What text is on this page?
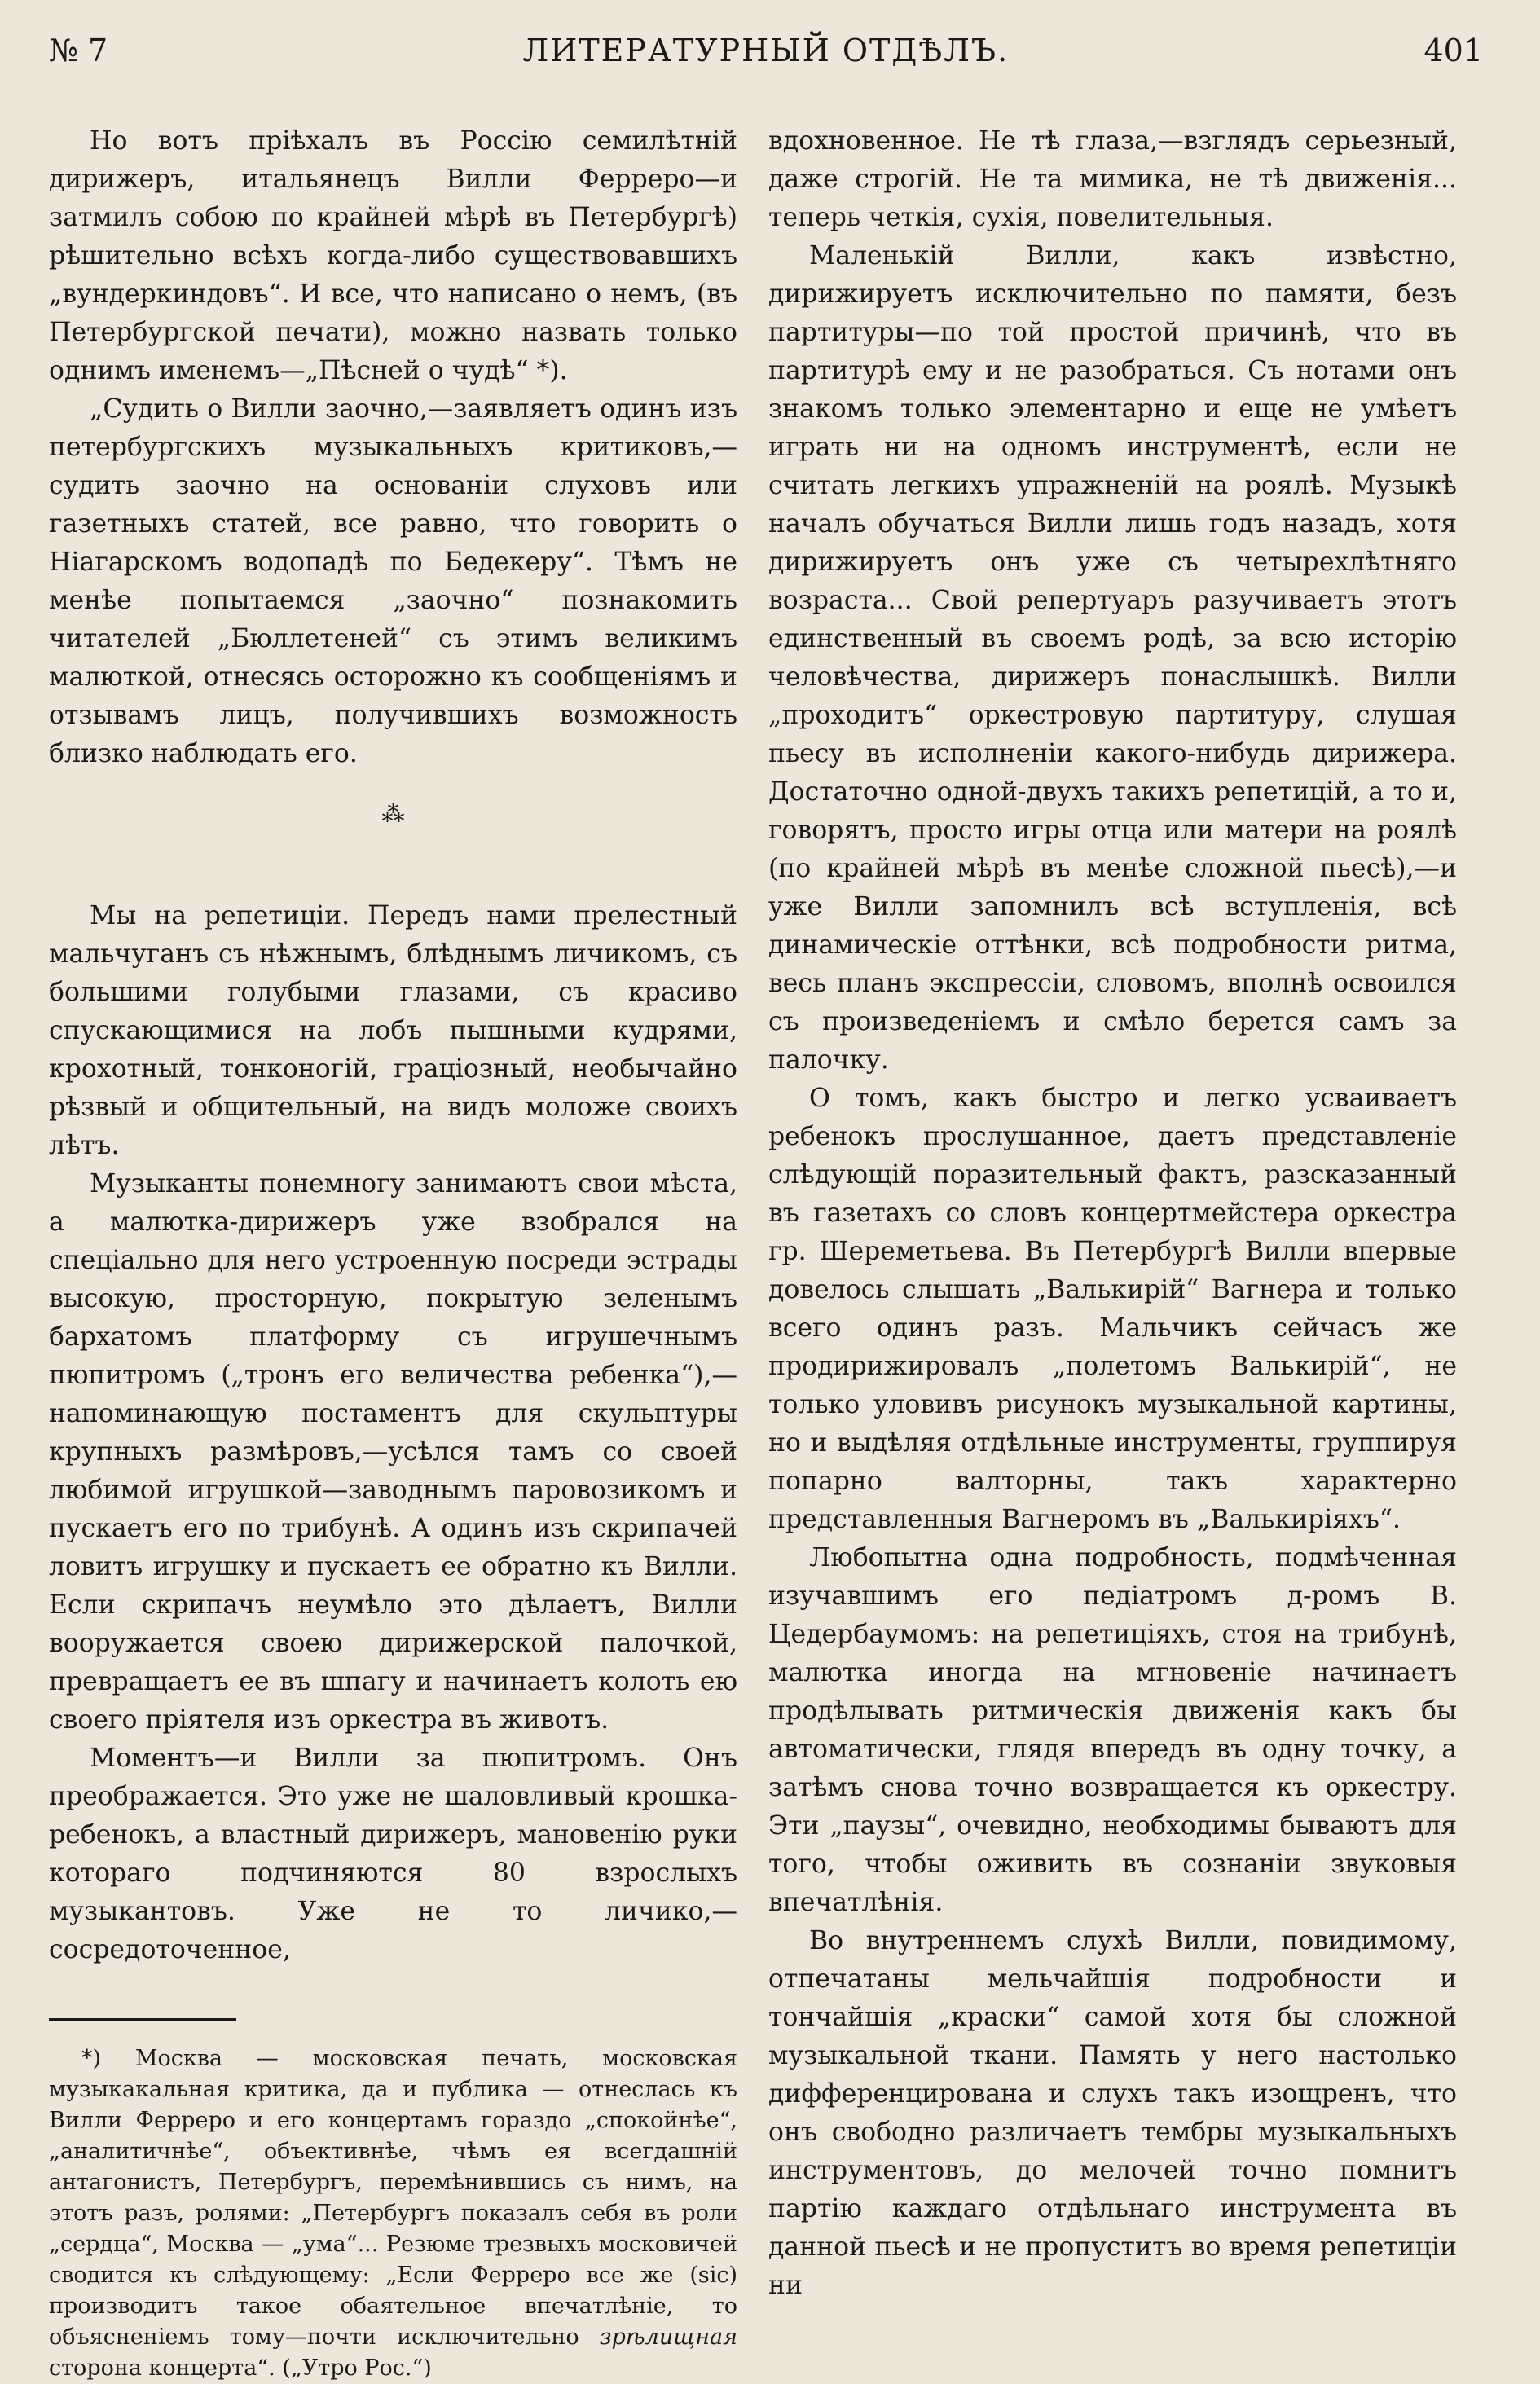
№ 7	ЛИТЕРАТУРНЫЙ ОТДѢЛЪ.	401

Но вотъ пріѣхалъ въ Россію семилѣтній дирижеръ, итальянецъ Вилли Ферреро—и затмилъ собою по крайней мѣрѣ въ Петербургѣ) рѣшительно всѣхъ когда-либо существовавшихъ „вундеркиндовъ“. И все, что написано о немъ, (въ Петербургской печати), можно назвать только однимъ именемъ—„Пѣсней о чудѣ“ *).

„Судить о Вилли заочно,—заявляетъ одинъ изъ петербургскихъ музыкальныхъ критиковъ,—судить заочно на основаніи слуховъ или газетныхъ статей, все равно, что говорить о Ніагарскомъ водопадѣ по Бедекеру“. Тѣмъ не менѣе попытаемся „заочно“ познакомить читателей „Бюллетеней“ съ этимъ великимъ малюткой, отнесясь осторожно къ сообщеніямъ и отзывамъ лицъ, получившихъ возможность близко наблюдать его.

⁂

Мы на репетиціи. Передъ нами прелестный мальчуганъ съ нѣжнымъ, блѣднымъ личикомъ, съ большими голубыми глазами, съ красиво спускающимися на лобъ пышными кудрями, крохотный, тонконогій, граціозный, необычайно рѣзвый и общительный, на видъ моложе своихъ лѣтъ.

Музыканты понемногу занимаютъ свои мѣста, а малютка-дирижеръ уже взобрался на спеціально для него устроенную посреди эстрады высокую, просторную, покрытую зеленымъ бархатомъ платформу съ игрушечнымъ пюпитромъ („тронъ его величества ребенка“),—напоминающую постаментъ для скульптуры крупныхъ размѣровъ,—усѣлся тамъ со своей любимой игрушкой—заводнымъ паровозикомъ и пускаетъ его по трибунѣ. А одинъ изъ скрипачей ловитъ игрушку и пускаетъ ее обратно къ Вилли. Если скрипачъ неумѣло это дѣлаетъ, Вилли вооружается своею дирижерской палочкой, превращаетъ ее въ шпагу и начинаетъ колоть ею своего пріятеля изъ оркестра въ животъ.

Моментъ—и Вилли за пюпитромъ. Онъ преображается. Это уже не шаловливый крошка-ребенокъ, а властный дирижеръ, мановенію руки котораго подчиняются 80 взрослыхъ музыкантовъ. Уже не то личико,—сосредоточенное,

*) Москва — московская печать, московская музыкакальная критика, да и публика — отнеслась къ Вилли Ферреро и его концертамъ гораздо „спокойнѣе“, „аналитичнѣе“, объективнѣе, чѣмъ ея всегдашній антагонистъ, Петербургъ, перемѣнившись съ нимъ, на этотъ разъ, ролями: „Петербургъ показалъ себя въ роли „сердца“, Москва — „ума“... Резюме трезвыхъ московичей сводится къ слѣдующему: „Если Ферреро все же (sic) производитъ такое обаятельное впечатлѣніе, то объясненіемъ тому—почти исключительно зрѣлищная сторона концерта“. („Утро Рос.“)

вдохновенное. Не тѣ глаза,—взглядъ серьезный, даже строгій. Не та мимика, не тѣ движенія... теперь четкія, сухія, повелительныя.

Маленькій Вилли, какъ извѣстно, дирижируетъ исключительно по памяти, безъ партитуры—по той простой причинѣ, что въ партитурѣ ему и не разобраться. Съ нотами онъ знакомъ только элементарно и еще не умѣетъ играть ни на одномъ инструментѣ, если не считать легкихъ упражненій на роялѣ. Музыкѣ началъ обучаться Вилли лишь годъ назадъ, хотя дирижируетъ онъ уже съ четырехлѣтняго возраста... Свой репертуаръ разучиваетъ этотъ единственный въ своемъ родѣ, за всю исторію человѣчества, дирижеръ понаслышкѣ. Вилли „проходитъ“ оркестровую партитуру, слушая пьесу въ исполненіи какого-нибудь дирижера. Достаточно одной-двухъ такихъ репетицій, а то и, говорятъ, просто игры отца или матери на роялѣ (по крайней мѣрѣ въ менѣе сложной пьесѣ),—и уже Вилли запомнилъ всѣ вступленія, всѣ динамическіе оттѣнки, всѣ подробности ритма, весь планъ экспрессіи, словомъ, вполнѣ освоился съ произведеніемъ и смѣло берется самъ за палочку.

О томъ, какъ быстро и легко усваиваетъ ребенокъ прослушанное, даетъ представленіе слѣдующій поразительный фактъ, разсказанный въ газетахъ со словъ концертмейстера оркестра гр. Шереметьева. Въ Петербургѣ Вилли впервые довелось слышать „Валькирій“ Вагнера и только всего одинъ разъ. Мальчикъ сейчасъ же продирижировалъ „полетомъ Валькирій“, не только уловивъ рисунокъ музыкальной картины, но и выдѣляя отдѣльные инструменты, группируя попарно валторны, такъ характерно представленныя Вагнеромъ въ „Валькиріяхъ“.

Любопытна одна подробность, подмѣченная изучавшимъ его педіатромъ д-ромъ В. Цедербаумомъ: на репетиціяхъ, стоя на трибунѣ, малютка иногда на мгновеніе начинаетъ продѣлывать ритмическія движенія какъ бы автоматически, глядя впередъ въ одну точку, а затѣмъ снова точно возвращается къ оркестру. Эти „паузы“, очевидно, необходимы бываютъ для того, чтобы оживить въ сознаніи звуковыя впечатлѣнія.

Во внутреннемъ слухѣ Вилли, повидимому, отпечатаны мельчайшія подробности и тончайшія „краски“ самой хотя бы сложной музыкальной ткани. Память у него настолько дифференцирована и слухъ такъ изощренъ, что онъ свободно различаетъ тембры музыкальныхъ инструментовъ, до мелочей точно помнитъ партію каждаго отдѣльнаго инструмента въ данной пьесѣ и не пропуститъ во время репетиціи ни
